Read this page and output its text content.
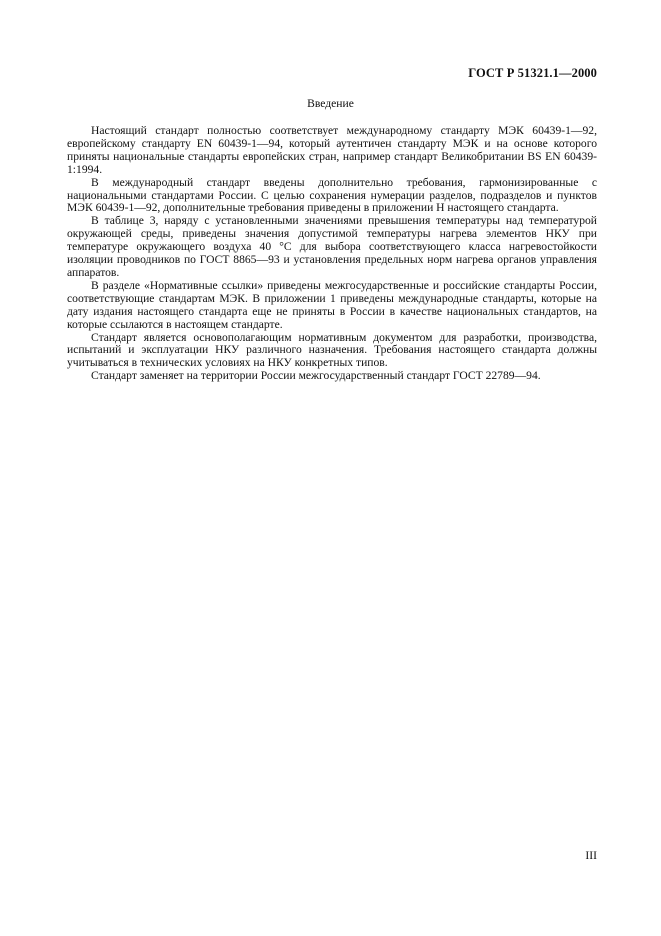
ГОСТ Р 51321.1—2000
Введение

Настоящий стандарт полностью соответствует международному стандарту МЭК 60439-1—92, европейскому стандарту EN 60439-1—94, который аутентичен стандарту МЭК и на основе которого приняты национальные стандарты европейских стран, например стандарт Великобритании BS EN 60439-1:1994.

В международный стандарт введены дополнительно требования, гармонизированные с национальными стандартами России. С целью сохранения нумерации разделов, подразделов и пунктов МЭК 60439-1—92, дополнительные требования приведены в приложении Н настоящего стандарта.

В таблице 3, наряду с установленными значениями превышения температуры над температурой окружающей среды, приведены значения допустимой температуры нагрева элементов НКУ при температуре окружающего воздуха 40 °С для выбора соответствующего класса нагревостойкости изоляции проводников по ГОСТ 8865—93 и установления предельных норм нагрева органов управления аппаратов.

В разделе «Нормативные ссылки» приведены межгосударственные и российские стандарты России, соответствующие стандартам МЭК. В приложении 1 приведены международные стандарты, которые на дату издания настоящего стандарта еще не приняты в России в качестве национальных стандартов, на которые ссылаются в настоящем стандарте.

Стандарт является основополагающим нормативным документом для разработки, производства, испытаний и эксплуатации НКУ различного назначения. Требования настоящего стандарта должны учитываться в технических условиях на НКУ конкретных типов.

Стандарт заменяет на территории России межгосударственный стандарт ГОСТ 22789—94.

III
